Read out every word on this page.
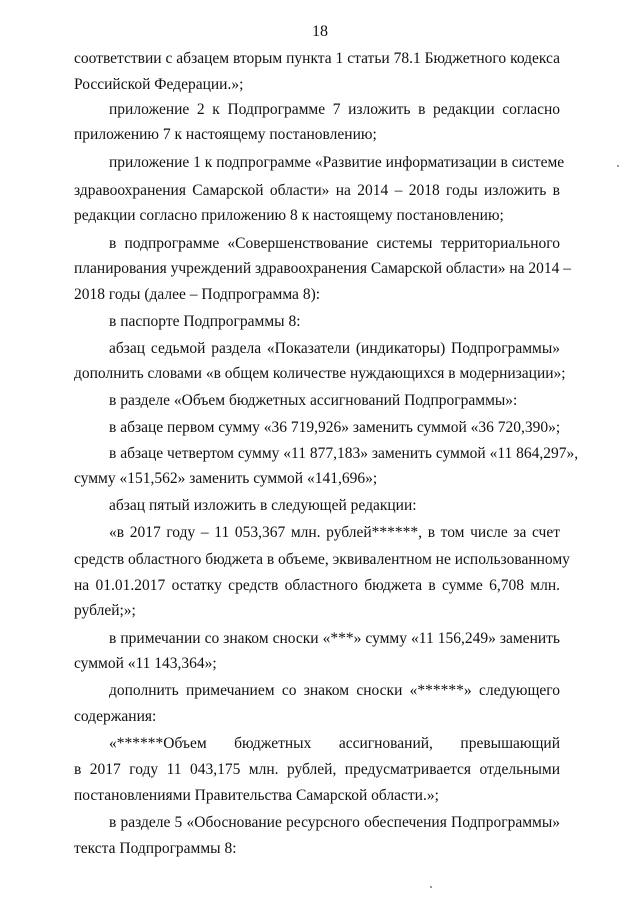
18
соответствии с абзацем вторым пункта 1 статьи 78.1 Бюджетного кодекса
Российской Федерации.»;
приложение 2 к Подпрограмме 7 изложить в редакции согласно
приложению 7 к настоящему постановлению;
приложение 1 к подпрограмме «Развитие информатизации в системе
здравоохранения Самарской области» на 2014 – 2018 годы изложить в
редакции согласно приложению 8 к настоящему постановлению;
в подпрограмме «Совершенствование системы территориального
планирования учреждений здравоохранения Самарской области» на 2014 –
2018 годы (далее – Подпрограмма 8):
в паспорте Подпрограммы 8:
абзац седьмой раздела «Показатели (индикаторы) Подпрограммы»
дополнить словами «в общем количестве нуждающихся в модернизации»;
в разделе «Объем бюджетных ассигнований Подпрограммы»:
в абзаце первом сумму «36 719,926» заменить суммой «36 720,390»;
в абзаце четвертом сумму «11 877,183» заменить суммой «11 864,297»,
сумму «151,562» заменить суммой «141,696»;
абзац пятый изложить в следующей редакции:
«в 2017 году – 11 053,367 млн. рублей******, в том числе за счет
средств областного бюджета в объеме, эквивалентном не использованному
на 01.01.2017 остатку средств областного бюджета в сумме 6,708 млн.
рублей;»;
в примечании со знаком сноски «***» сумму «11 156,249» заменить
суммой «11 143,364»;
дополнить примечанием со знаком сноски «******» следующего
содержания:
«******Объем бюджетных ассигнований, превышающий
в 2017 году 11 043,175 млн. рублей, предусматривается отдельными
постановлениями Правительства Самарской области.»;
в разделе 5 «Обоснование ресурсного обеспечения Подпрограммы»
текста Подпрограммы 8:
